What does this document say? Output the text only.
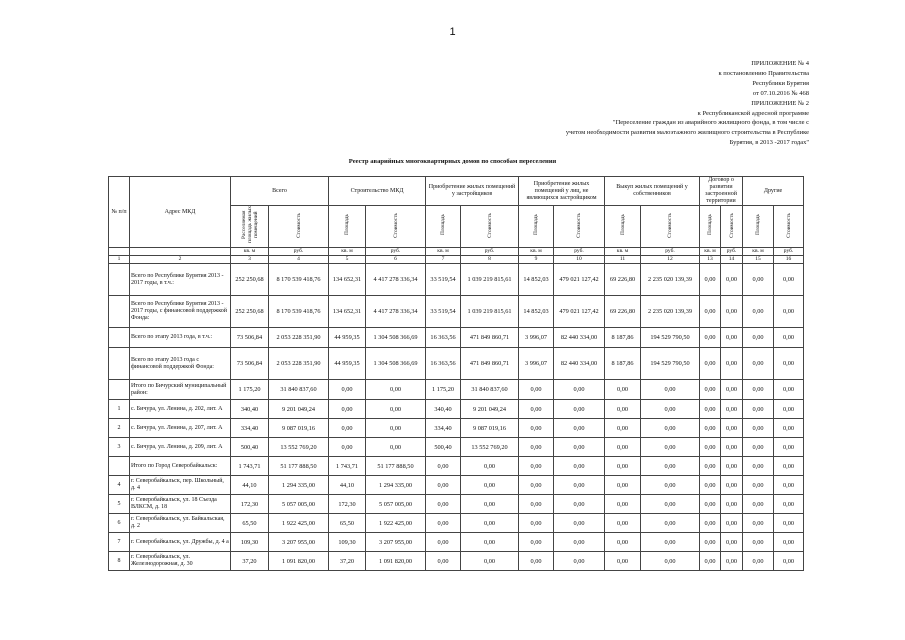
1
ПРИЛОЖЕНИЕ № 4
к постановлению Правительства
Республики Бурятия
от 07.10.2016 № 468
ПРИЛОЖЕНИЕ № 2
к Республиканской адресной программе
"Переселение граждан из аварийного жилищного фонда, в том числе с
учетом необходимости развития малоэтажного жилищного строительства в Республике
Бурятия, в 2013 -2017 годах"
Реестр аварийных многоквартирных домов по способам переселения
№ п/п	Адрес МКД	Всего		Строительство МКД		Приобретение жилых помещений у застройщиков		Приобретение жилых помещений у лиц, не являющихся застройщиком		Выкуп жилых помещений у собственников		Договор о развитии застроенной территории		Другие	
		Расселяемая площадь жилых помещений	Стоимость	Площадь	Стоимость	Площадь	Стоимость	Площадь	Стоимость	Площадь	Стоимость	Площадь	Стоимость	Площадь	Стоимость
		кв. м	руб.	кв. м	руб.	кв. м	руб.	кв. м	руб.	кв. м	руб.	кв. м	руб.	кв. м	руб.
1	2	3	4	5	6	7	8	9	10	11	12	13	14	15	16
	Всего по Республике Бурятия 2013 - 2017 годы, в т.ч.:	252 250,68	8 170 539 418,76	134 652,31	4 417 278 336,34	33 519,54	1 039 219 815,61	14 852,03	479 021 127,42	69 226,80	2 235 020 139,39	0,00	0,00	0,00	0,00
	Всего по Республике Бурятия 2013 - 2017 годы, с финансовой поддержкой Фонда:	252 250,68	8 170 539 418,76	134 652,31	4 417 278 336,34	33 519,54	1 039 219 815,61	14 852,03	479 021 127,42	69 226,80	2 235 020 139,39	0,00	0,00	0,00	0,00
	Всего по этапу 2013 года, в т.ч.:	73 506,84	2 053 228 351,90	44 959,35	1 304 508 366,69	16 363,56	471 849 860,71	3 996,07	82 440 334,00	8 187,86	194 529 790,50	0,00	0,00	0,00	0,00
	Всего по этапу 2013 года с финансовой поддержкой Фонда:	73 506,84	2 053 228 351,90	44 959,35	1 304 508 366,69	16 363,56	471 849 860,71	3 996,07	82 440 334,00	8 187,86	194 529 790,50	0,00	0,00	0,00	0,00
	Итого по Бичурский муниципальный район:	1 175,20	31 840 837,60	0,00	0,00	1 175,20	31 840 837,60	0,00	0,00	0,00	0,00	0,00	0,00	0,00	0,00
1	с. Бичура, ул. Ленина, д. 202, лит. А	340,40	9 201 049,24	0,00	0,00	340,40	9 201 049,24	0,00	0,00	0,00	0,00	0,00	0,00	0,00	0,00
2	с. Бичура, ул. Ленина, д. 207, лит. А	334,40	9 087 019,16	0,00	0,00	334,40	9 087 019,16	0,00	0,00	0,00	0,00	0,00	0,00	0,00	0,00
3	с. Бичура, ул. Ленина, д. 209, лит. А	500,40	13 552 769,20	0,00	0,00	500,40	13 552 769,20	0,00	0,00	0,00	0,00	0,00	0,00	0,00	0,00
	Итого по Город Северобайкальск:	1 743,71	51 177 888,50	1 743,71	51 177 888,50	0,00	0,00	0,00	0,00	0,00	0,00	0,00	0,00	0,00	0,00
4	г. Северобайкальск, пер. Школьный, д. 4	44,10	1 294 335,00	44,10	1 294 335,00	0,00	0,00	0,00	0,00	0,00	0,00	0,00	0,00	0,00	0,00
5	г. Северобайкальск, ул. 18 Съезда ВЛКСМ, д. 18	172,30	5 057 005,00	172,30	5 057 005,00	0,00	0,00	0,00	0,00	0,00	0,00	0,00	0,00	0,00	0,00
6	г. Северобайкальск, ул. Байкальская, д. 2	65,50	1 922 425,00	65,50	1 922 425,00	0,00	0,00	0,00	0,00	0,00	0,00	0,00	0,00	0,00	0,00
7	г. Северобайкальск, ул. Дружбы, д. 4 а	109,30	3 207 955,00	109,30	3 207 955,00	0,00	0,00	0,00	0,00	0,00	0,00	0,00	0,00	0,00	0,00
8	г. Северобайкальск, ул. Железнодорожная, д. 30	37,20	1 091 820,00	37,20	1 091 820,00	0,00	0,00	0,00	0,00	0,00	0,00	0,00	0,00	0,00	0,00
